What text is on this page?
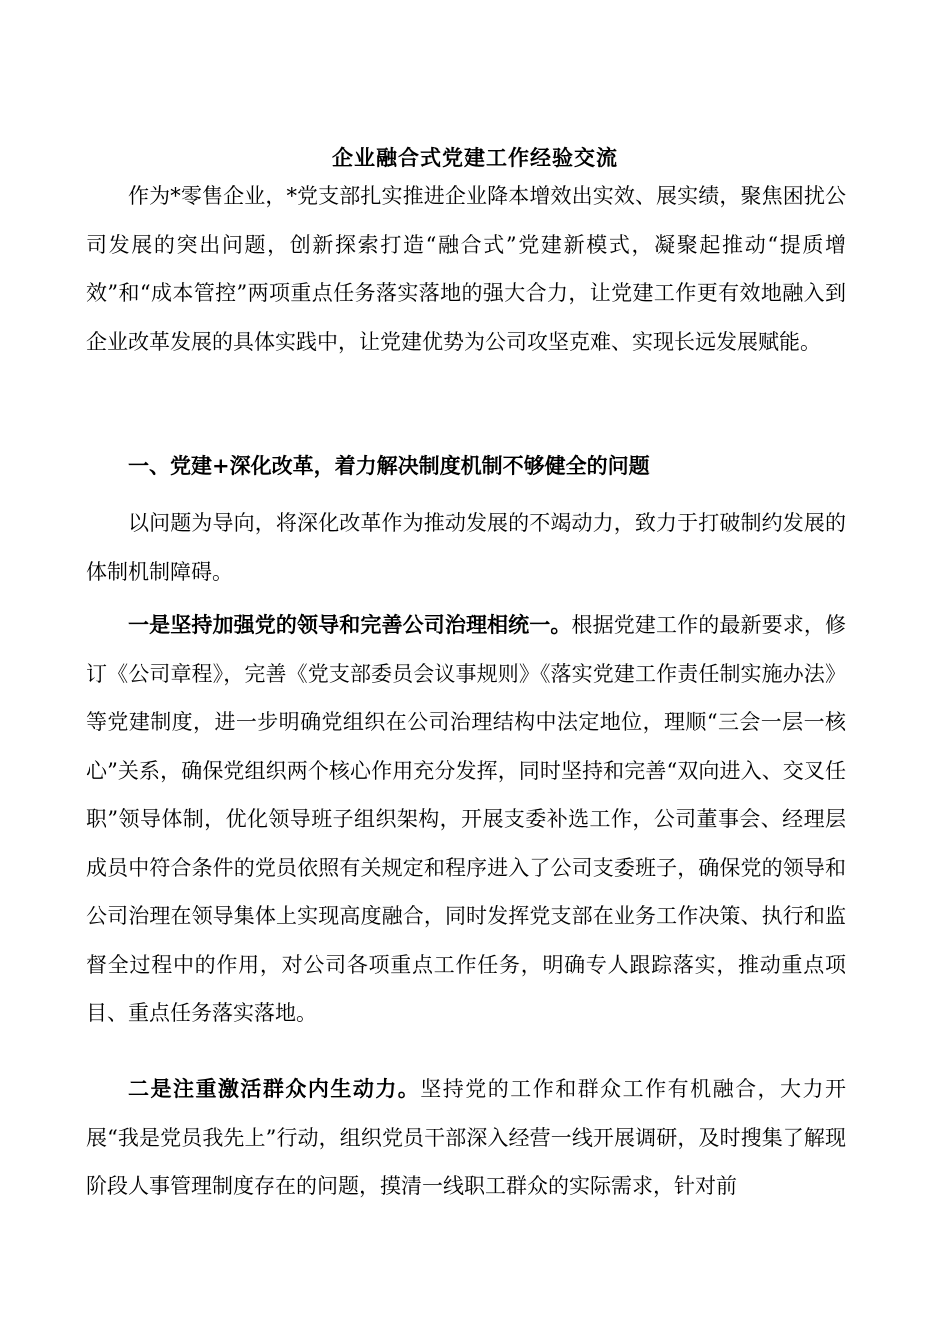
企业融合式党建工作经验交流

作为*零售企业，*党支部扎实推进企业降本增效出实效、展实绩，聚焦困扰公司发展的突出问题，创新探索打造“融合式”党建新模式，凝聚起推动“提质增效”和“成本管控”两项重点任务落实落地的强大合力，让党建工作更有效地融入到企业改革发展的具体实践中，让党建优势为公司攻坚克难、实现长远发展赋能。

一、党建+深化改革，着力解决制度机制不够健全的问题

以问题为导向，将深化改革作为推动发展的不竭动力，致力于打破制约发展的体制机制障碍。

一是坚持加强党的领导和完善公司治理相统一。根据党建工作的最新要求，修订《公司章程》，完善《党支部委员会议事规则》《落实党建工作责任制实施办法》等党建制度，进一步明确党组织在公司治理结构中法定地位，理顺“三会一层一核心”关系，确保党组织两个核心作用充分发挥，同时坚持和完善“双向进入、交叉任职”领导体制，优化领导班子组织架构，开展支委补选工作，公司董事会、经理层成员中符合条件的党员依照有关规定和程序进入了公司支委班子，确保党的领导和公司治理在领导集体上实现高度融合，同时发挥党支部在业务工作决策、执行和监督全过程中的作用，对公司各项重点工作任务，明确专人跟踪落实，推动重点项目、重点任务落实落地。

二是注重激活群众内生动力。坚持党的工作和群众工作有机融合，大力开展“我是党员我先上”行动，组织党员干部深入经营一线开展调研，及时搜集了解现阶段人事管理制度存在的问题，摸清一线职工群众的实际需求，针对前
